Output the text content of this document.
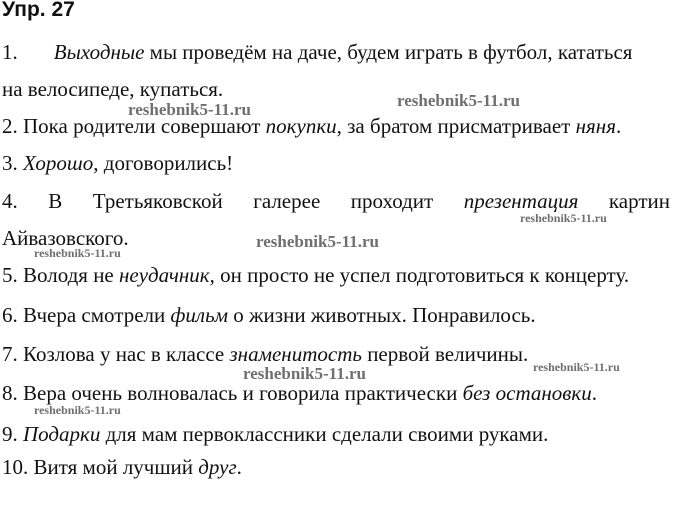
Упр. 27
1. Выходные мы проведём на даче, будем играть в футбол, кататься
на велосипеде, купаться.
2. Пока родители совершают покупки, за братом присматривает няня.
3. Хорошо, договорились!
4. В Третьяковской галерее проходит презентация картин
Айвазовского.
5. Володя не неудачник, он просто не успел подготовиться к концерту.
6. Вчера смотрели фильм о жизни животных. Понравилось.
7. Козлова у нас в классе знаменитость первой величины.
8. Вера очень волновалась и говорила практически без остановки.
9. Подарки для мам первоклассники сделали своими руками.
10. Витя мой лучший друг.
reshebnik5-11.ru	reshebnik5-11.ru
reshebnik5-11.ru
reshebnik5-11.ru
reshebnik5-11.ru
reshebnik5-11.ru
reshebnik5-11.ru
reshebnik5-11.ru
